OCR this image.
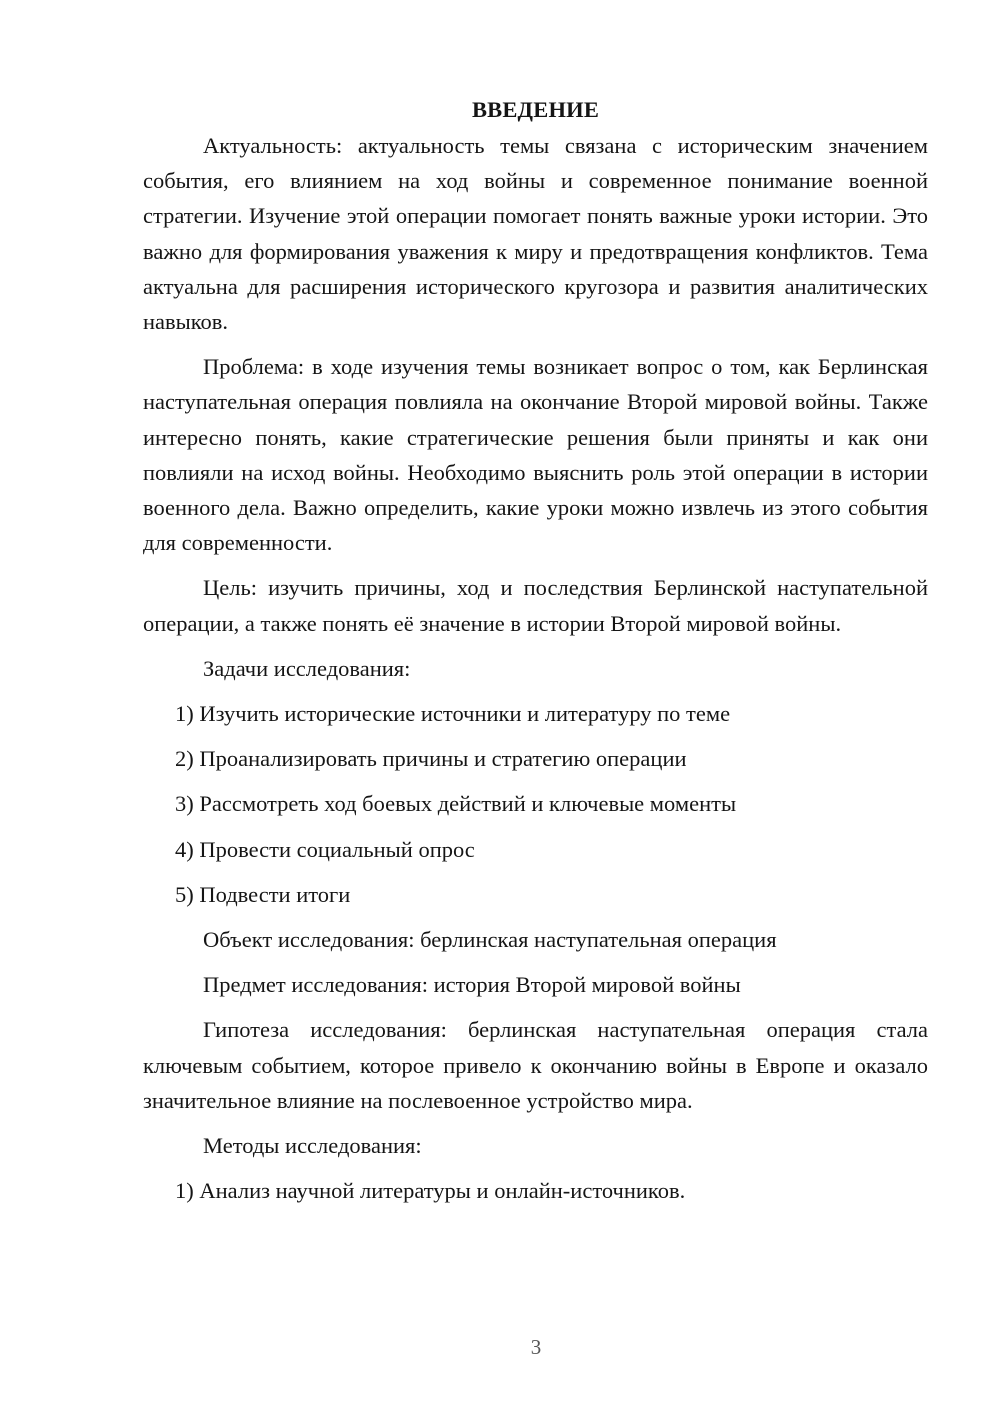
ВВЕДЕНИЕ

Актуальность: актуальность темы связана с историческим значением события, его влиянием на ход войны и современное понимание военной стратегии. Изучение этой операции помогает понять важные уроки истории. Это важно для формирования уважения к миру и предотвращения конфликтов. Тема актуальна для расширения исторического кругозора и развития аналитических навыков.

Проблема: в ходе изучения темы возникает вопрос о том, как Берлинская наступательная операция повлияла на окончание Второй мировой войны. Также интересно понять, какие стратегические решения были приняты и как они повлияли на исход войны. Необходимо выяснить роль этой операции в истории военного дела. Важно определить, какие уроки можно извлечь из этого события для современности.

Цель: изучить причины, ход и последствия Берлинской наступательной операции, а также понять её значение в истории Второй мировой войны.

Задачи исследования:

1) Изучить исторические источники и литературу по теме

2) Проанализировать причины и стратегию операции

3) Рассмотреть ход боевых действий и ключевые моменты

4) Провести социальный опрос

5) Подвести итоги

Объект исследования: берлинская наступательная операция

Предмет исследования: история Второй мировой войны

Гипотеза исследования: берлинская наступательная операция стала ключевым событием, которое привело к окончанию войны в Европе и оказало значительное влияние на послевоенное устройство мира.

Методы исследования:

1) Анализ научной литературы и онлайн-источников.

3
